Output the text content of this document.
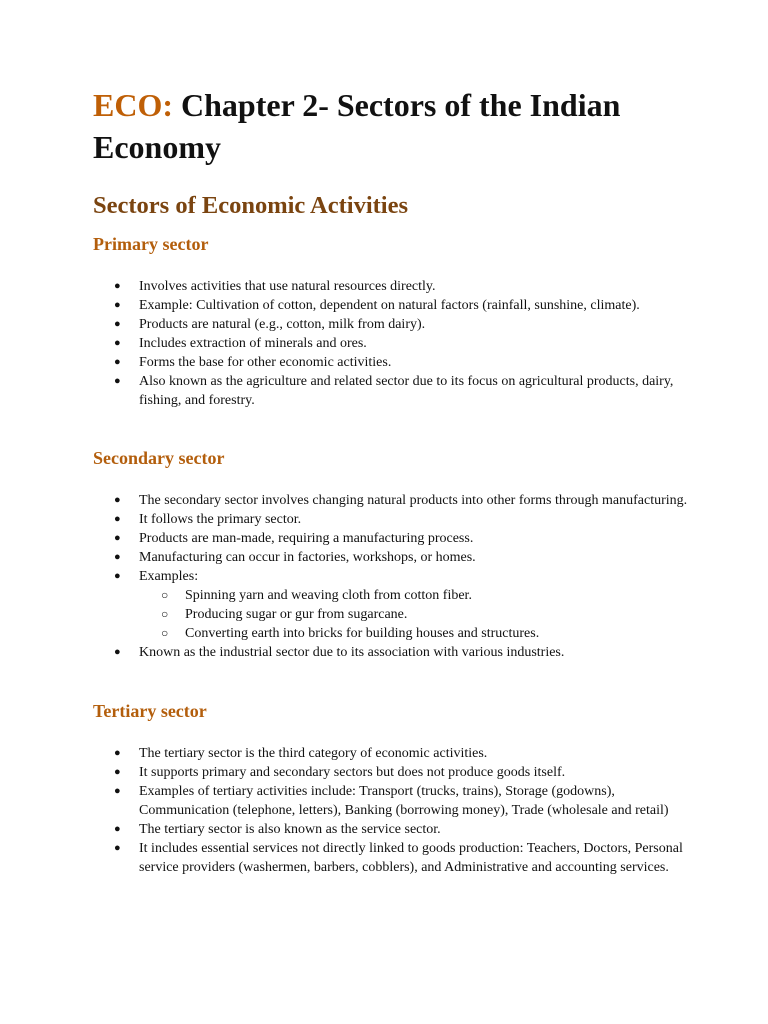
ECO: Chapter 2- Sectors of the Indian Economy
Sectors of Economic Activities
Primary sector
● Involves activities that use natural resources directly.
● Example: Cultivation of cotton, dependent on natural factors (rainfall, sunshine, climate).
● Products are natural (e.g., cotton, milk from dairy).
● Includes extraction of minerals and ores.
● Forms the base for other economic activities.
● Also known as the agriculture and related sector due to its focus on agricultural products, dairy, fishing, and forestry.
Secondary sector
● The secondary sector involves changing natural products into other forms through manufacturing.
● It follows the primary sector.
● Products are man-made, requiring a manufacturing process.
● Manufacturing can occur in factories, workshops, or homes.
● Examples:
○ Spinning yarn and weaving cloth from cotton fiber.
○ Producing sugar or gur from sugarcane.
○ Converting earth into bricks for building houses and structures.
● Known as the industrial sector due to its association with various industries.
Tertiary sector
● The tertiary sector is the third category of economic activities.
● It supports primary and secondary sectors but does not produce goods itself.
● Examples of tertiary activities include: Transport (trucks, trains), Storage (godowns), Communication (telephone, letters), Banking (borrowing money), Trade (wholesale and retail)
● The tertiary sector is also known as the service sector.
● It includes essential services not directly linked to goods production: Teachers, Doctors, Personal service providers (washermen, barbers, cobblers), and Administrative and accounting services.
